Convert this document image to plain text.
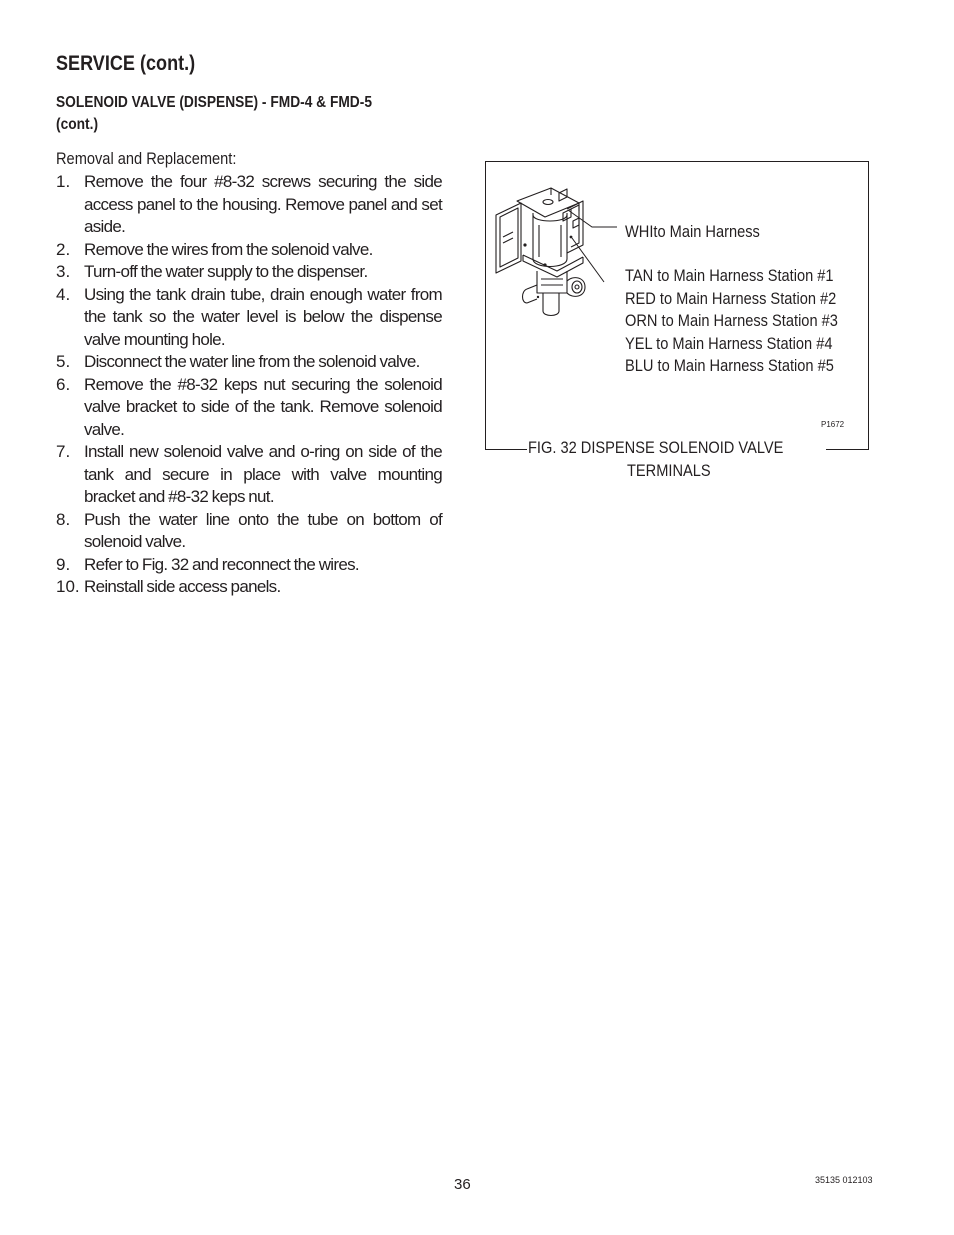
SERVICE (cont.)
SOLENOID VALVE (DISPENSE) - FMD-4 & FMD-5
(cont.)
Removal and Replacement:
1. Remove the four #8-32 screws securing the side access panel to the housing. Remove panel and set aside.
2. Remove the wires from the solenoid valve.
3. Turn-off the water supply to the dispenser.
4. Using the tank drain tube, drain enough water from the tank so the water level is below the dispense valve mounting hole.
5. Disconnect the water line from the solenoid valve.
6. Remove the #8-32 keps nut securing the solenoid valve bracket to side of the tank. Remove solenoid valve.
7. Install new solenoid valve and o-ring on side of the tank and secure in place with valve mounting bracket and #8-32 keps nut.
8. Push the water line onto the tube on bottom of solenoid valve.
9. Refer to Fig. 32 and reconnect the wires.
10. Reinstall side access panels.
WHIto Main Harness
TAN to Main Harness Station #1
RED to Main Harness Station #2
ORN to Main Harness Station #3
YEL to Main Harness Station #4
BLU to Main Harness Station #5
P1672
FIG. 32 DISPENSE SOLENOID VALVE
TERMINALS
36	35135 012103
